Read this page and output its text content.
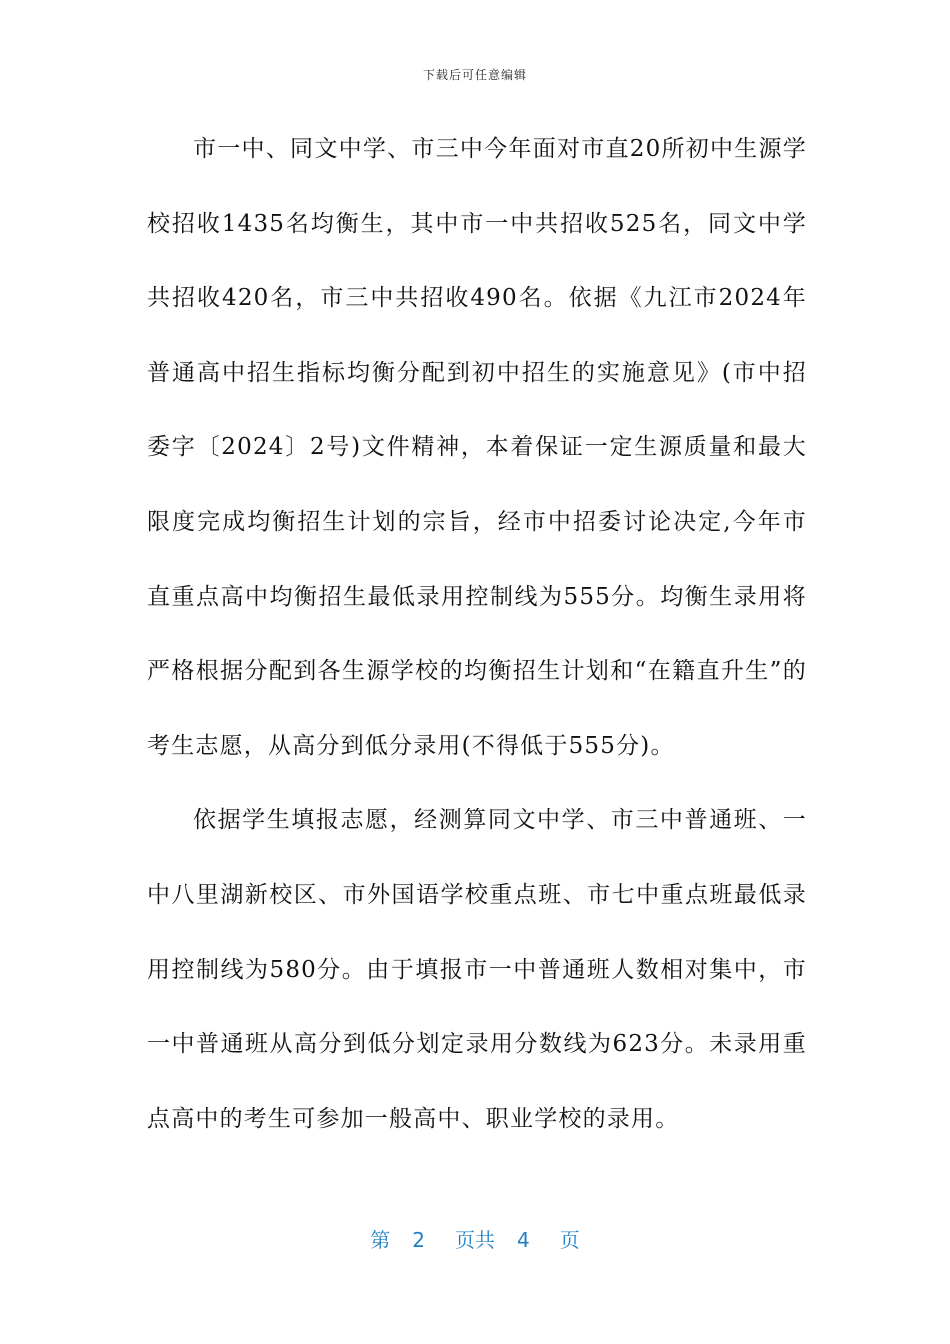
下载后可任意编辑

市一中、同文中学、市三中今年面对市直20所初中生源学校招收1435名均衡生，其中市一中共招收525名，同文中学共招收420名，市三中共招收490名。依据《九江市2024年普通高中招生指标均衡分配到初中招生的实施意见》(市中招委字〔2024〕2号)文件精神，本着保证一定生源质量和最大限度完成均衡招生计划的宗旨，经市中招委讨论决定,今年市直重点高中均衡招生最低录用控制线为555分。均衡生录用将严格根据分配到各生源学校的均衡招生计划和“在籍直升生”的考生志愿，从高分到低分录用(不得低于555分)。

依据学生填报志愿，经测算同文中学、市三中普通班、一中八里湖新校区、市外国语学校重点班、市七中重点班最低录用控制线为580分。由于填报市一中普通班人数相对集中，市一中普通班从高分到低分划定录用分数线为623分。未录用重点高中的考生可参加一般高中、职业学校的录用。

第 2 页共 4 页
